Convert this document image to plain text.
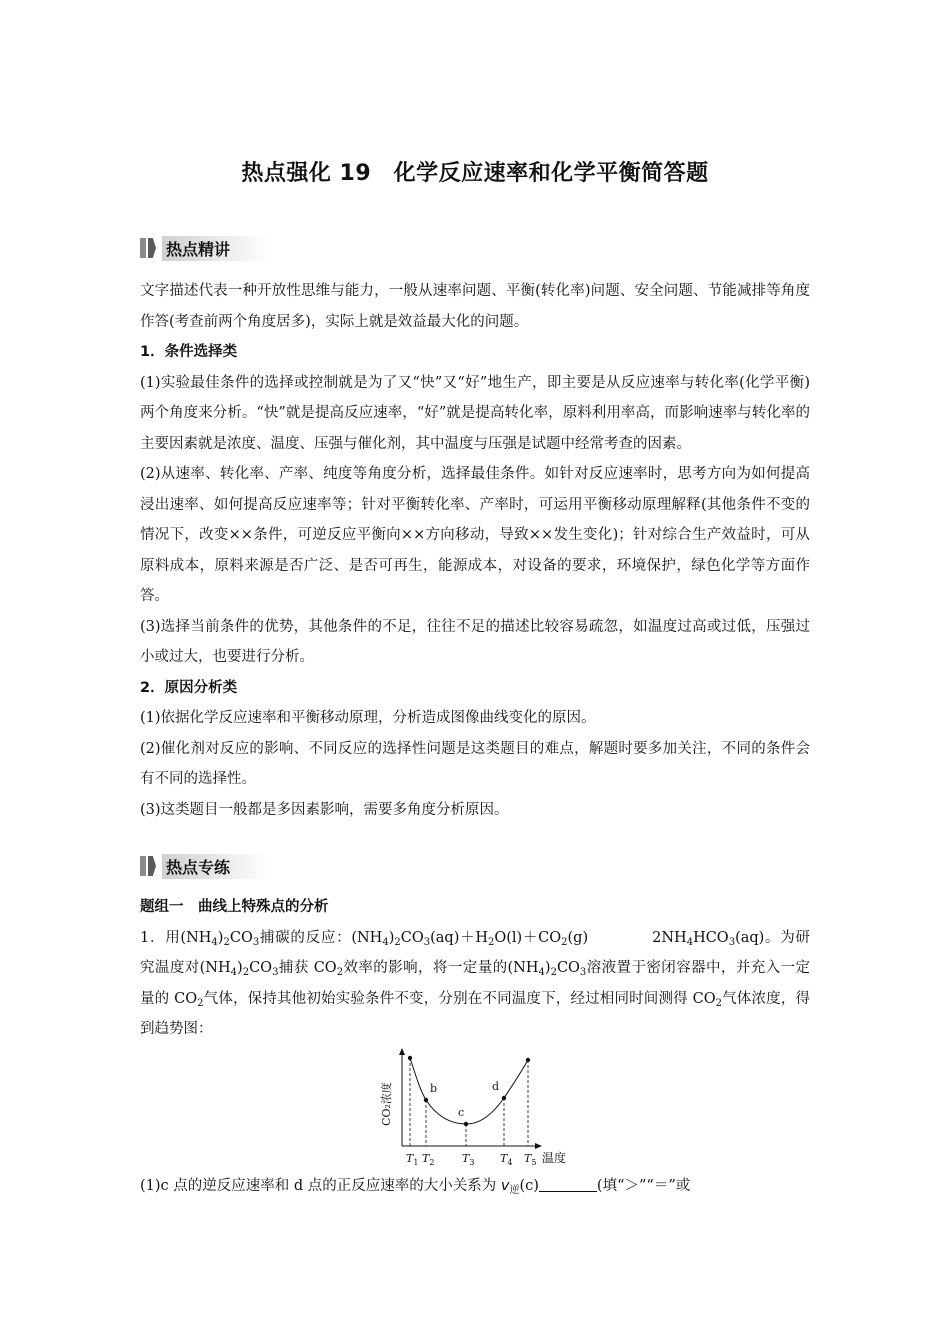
热点强化 19　化学反应速率和化学平衡简答题
热点精讲

文字描述代表一种开放性思维与能力，一般从速率问题、平衡(转化率)问题、安全问题、节能减排等角度作答(考查前两个角度居多)，实际上就是效益最大化的问题。

1．条件选择类

(1)实验最佳条件的选择或控制就是为了又“快”又“好”地生产，即主要是从反应速率与转化率(化学平衡)两个角度来分析。“快”就是提高反应速率，“好”就是提高转化率，原料利用率高，而影响速率与转化率的主要因素就是浓度、温度、压强与催化剂，其中温度与压强是试题中经常考查的因素。

(2)从速率、转化率、产率、纯度等角度分析，选择最佳条件。如针对反应速率时，思考方向为如何提高浸出速率、如何提高反应速率等；针对平衡转化率、产率时，可运用平衡移动原理解释(其他条件不变的情况下，改变××条件，可逆反应平衡向××方向移动，导致××发生变化)；针对综合生产效益时，可从原料成本，原料来源是否广泛、是否可再生，能源成本，对设备的要求，环境保护，绿色化学等方面作答。

(3)选择当前条件的优势，其他条件的不足，往往不足的描述比较容易疏忽，如温度过高或过低，压强过小或过大，也要进行分析。

2．原因分析类

(1)依据化学反应速率和平衡移动原理，分析造成图像曲线变化的原因。

(2)催化剂对反应的影响、不同反应的选择性问题是这类题目的难点，解题时要多加关注，不同的条件会有不同的选择性。

(3)这类题目一般都是多因素影响，需要多角度分析原因。

热点专练

题组一　曲线上特殊点的分析

1．用$(NH_4)_2CO_3$捕碳的反应：$(NH_4)_2CO_3(aq)+H_2O(l)+CO_2(g)$	$2NH_4HCO_3(aq)$。为研究温度对$(NH_4)_2CO_3$捕获 $CO_2$效率的影响，将一定量的$(NH_4)_2CO_3$溶液置于密闭容器中，并充入一定量的 $CO_2$气体，保持其他初始实验条件不变，分别在不同温度下，经过相同时间测得 $CO_2$气体浓度，得到趋势图：

CO₂浓度
温度
$T_1$
b
$T_2$
c
$T_3$
d
$T_4$ $T_5$
(1)c 点的逆反应速率和 d 点的正反应速率的大小关系为 $v_逆(c)$	(填“＞”“＝”或
